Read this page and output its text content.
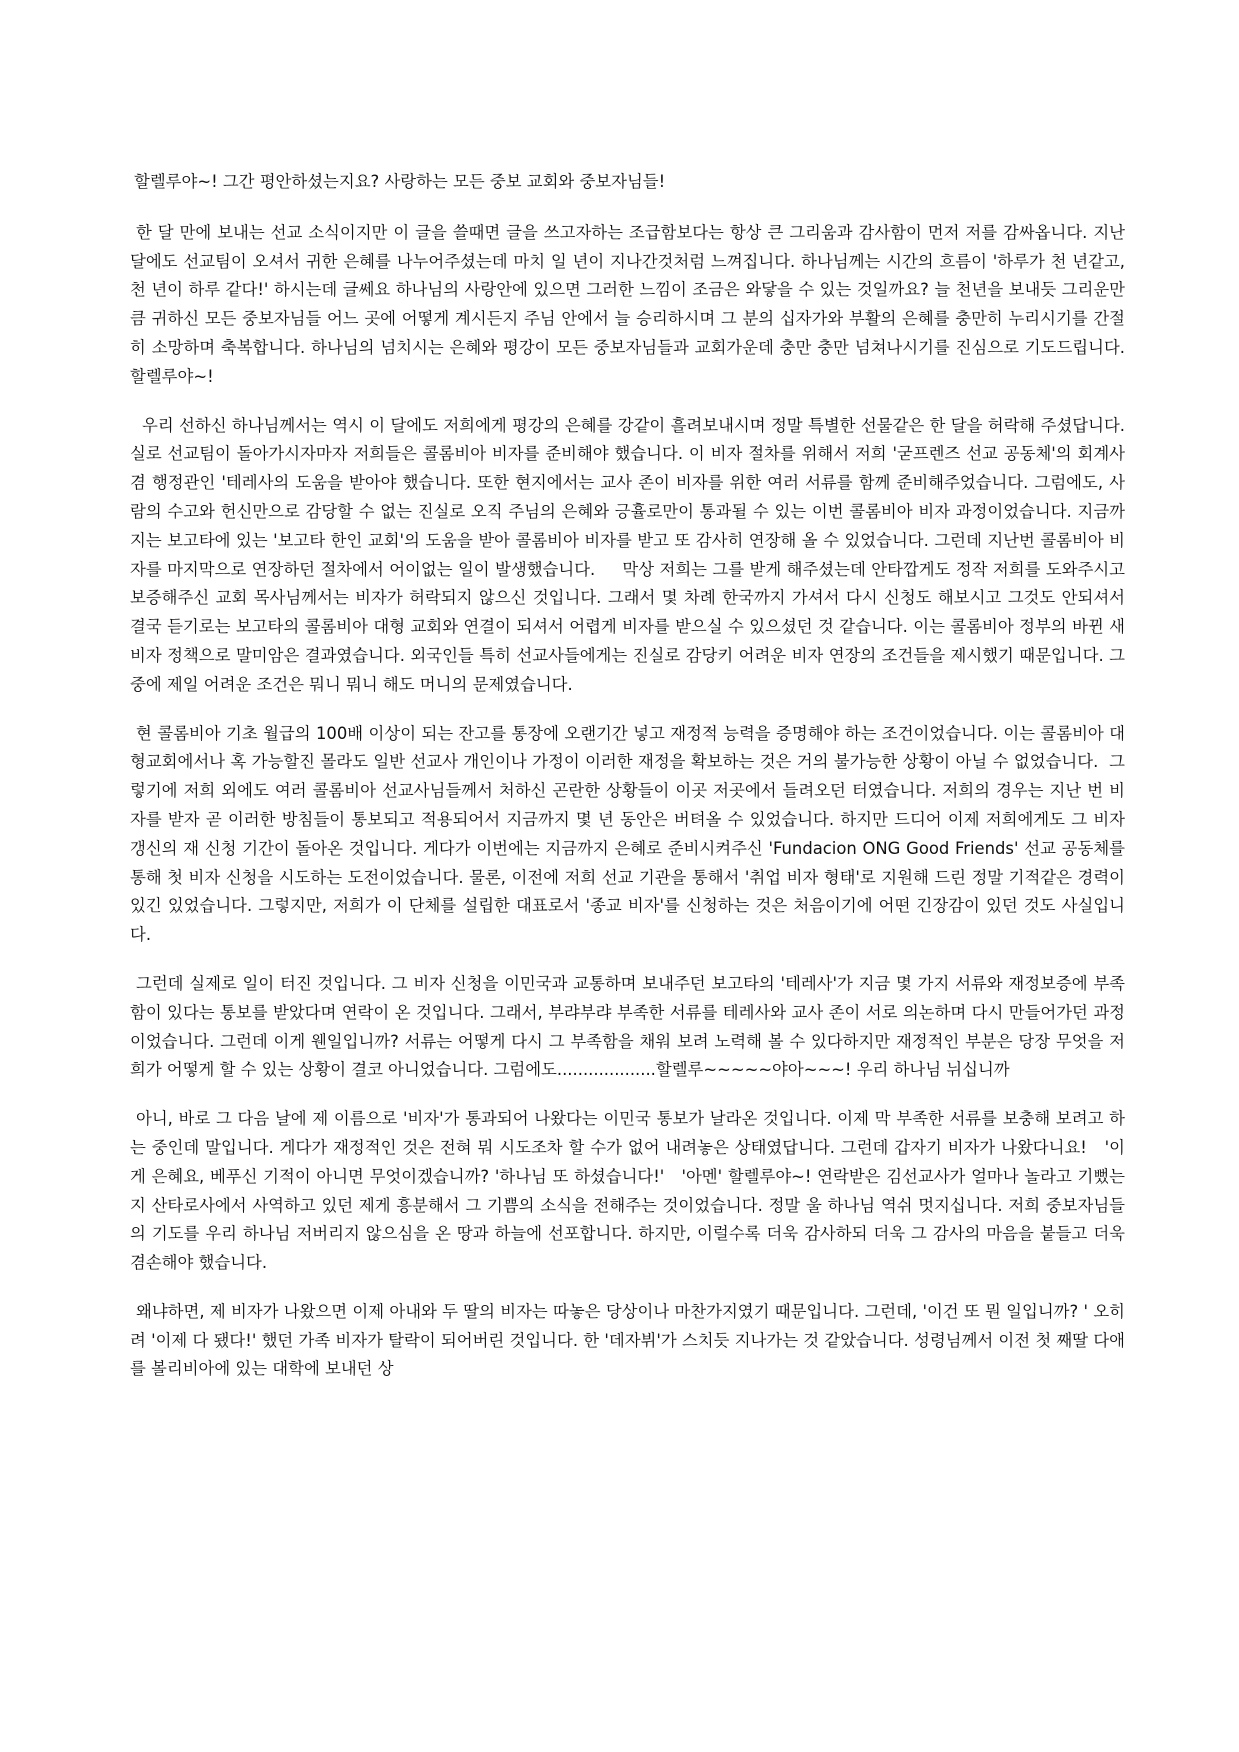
할렐루야~! 그간 평안하셨는지요? 사랑하는 모든 중보 교회와 중보자님들!

한 달 만에 보내는 선교 소식이지만 이 글을 쓸때면 글을 쓰고자하는 조급함보다는 항상 큰 그리움과 감사함이 먼저 저를 감싸옵니다. 지난 달에도 선교팀이 오셔서 귀한 은혜를 나누어주셨는데 마치 일 년이 지나간것처럼 느껴집니다. 하나님께는 시간의 흐름이 '하루가 천 년같고, 천 년이 하루 같다!' 하시는데 글쎄요 하나님의 사랑안에 있으면 그러한 느낌이 조금은 와닿을 수 있는 것일까요? 늘 천년을 보내듯 그리운만큼 귀하신 모든 중보자님들 어느 곳에 어떻게 계시든지 주님 안에서 늘 승리하시며 그 분의 십자가와 부활의 은혜를 충만히 누리시기를 간절히 소망하며 축복합니다. 하나님의 넘치시는 은혜와 평강이 모든 중보자님들과 교회가운데 충만 충만 넘쳐나시기를 진심으로 기도드립니다. 할렐루야~!

우리 선하신 하나님께서는 역시 이 달에도 저희에게 평강의 은혜를 강같이 흘려보내시며 정말 특별한 선물같은 한 달을 허락해 주셨답니다. 실로 선교팀이 돌아가시자마자 저희들은 콜롬비아 비자를 준비해야 했습니다. 이 비자 절차를 위해서 저희 '굳프렌즈 선교 공동체'의 회계사 겸 행정관인 '테레사의 도움을 받아야 했습니다. 또한 현지에서는 교사 존이 비자를 위한 여러 서류를 함께 준비해주었습니다. 그럼에도, 사람의 수고와 헌신만으로 감당할 수 없는 진실로 오직 주님의 은혜와 긍휼로만이 통과될 수 있는 이번 콜롬비아 비자 과정이었습니다. 지금까지는 보고타에 있는 '보고타 한인 교회'의 도움을 받아 콜롬비아 비자를 받고 또 감사히 연장해 올 수 있었습니다. 그런데 지난번 콜롬비아 비자를 마지막으로 연장하던 절차에서 어이없는 일이 발생했습니다.     막상 저희는 그를 받게 해주셨는데 안타깝게도 정작 저희를 도와주시고 보증해주신 교회 목사님께서는 비자가 허락되지 않으신 것입니다. 그래서 몇 차례 한국까지 가셔서 다시 신청도 해보시고 그것도 안되셔서 결국 듣기로는 보고타의 콜롬비아 대형 교회와 연결이 되셔서 어렵게 비자를 받으실 수 있으셨던 것 같습니다. 이는 콜롬비아 정부의 바뀐 새 비자 정책으로 말미암은 결과였습니다. 외국인들 특히 선교사들에게는 진실로 감당키 어려운 비자 연장의 조건들을 제시했기 때문입니다. 그 중에 제일 어려운 조건은 뭐니 뭐니 해도 머니의 문제였습니다.

현 콜롬비아 기초 월급의 100배 이상이 되는 잔고를 통장에 오랜기간 넣고 재정적 능력을 증명해야 하는 조건이었습니다. 이는 콜롬비아 대형교회에서나 혹 가능할진 몰라도 일반 선교사 개인이나 가정이 이러한 재정을 확보하는 것은 거의 불가능한 상황이 아닐 수 없었습니다.  그렇기에 저희 외에도 여러 콜롬비아 선교사님들께서 처하신 곤란한 상황들이 이곳 저곳에서 들려오던 터였습니다. 저희의 경우는 지난 번 비자를 받자 곧 이러한 방침들이 통보되고 적용되어서 지금까지 몇 년 동안은 버텨올 수 있었습니다. 하지만 드디어 이제 저희에게도 그 비자 갱신의 재 신청 기간이 돌아온 것입니다. 게다가 이번에는 지금까지 은혜로 준비시켜주신 'Fundacion ONG Good Friends' 선교 공동체를 통해 첫 비자 신청을 시도하는 도전이었습니다. 물론, 이전에 저희 선교 기관을 통해서 '취업 비자 형태'로 지원해 드린 정말 기적같은 경력이 있긴 있었습니다. 그렇지만, 저희가 이 단체를 설립한 대표로서 '종교 비자'를 신청하는 것은 처음이기에 어떤 긴장감이 있던 것도 사실입니다.

그런데 실제로 일이 터진 것입니다. 그 비자 신청을 이민국과 교통하며 보내주던 보고타의 '테레사'가 지금 몇 가지 서류와 재정보증에 부족함이 있다는 통보를 받았다며 연락이 온 것입니다. 그래서, 부랴부랴 부족한 서류를 테레사와 교사 존이 서로 의논하며 다시 만들어가던 과정이었습니다. 그런데 이게 웬일입니까? 서류는 어떻게 다시 그 부족함을 채워 보려 노력해 볼 수 있다하지만 재정적인 부분은 당장 무엇을 저희가 어떻게 할 수 있는 상황이 결코 아니었습니다. 그럼에도...................할렐루~~~~~야아~~~! 우리 하나님 뉘십니까

아니, 바로 그 다음 날에 제 이름으로 '비자'가 통과되어 나왔다는 이민국 통보가 날라온 것입니다. 이제 막 부족한 서류를 보충해 보려고 하는 중인데 말입니다. 게다가 재정적인 것은 전혀 뭐 시도조차 할 수가 없어 내려놓은 상태였답니다. 그런데 갑자기 비자가 나왔다니요!   '이게 은혜요, 베푸신 기적이 아니면 무엇이겠습니까? '하나님 또 하셨습니다!'   '아멘' 할렐루야~! 연락받은 김선교사가 얼마나 놀라고 기뻤는지 산타로사에서 사역하고 있던 제게 흥분해서 그 기쁨의 소식을 전해주는 것이었습니다. 정말 울 하나님 역쉬 멋지십니다. 저희 중보자님들의 기도를 우리 하나님 저버리지 않으심을 온 땅과 하늘에 선포합니다. 하지만, 이럴수록 더욱 감사하되 더욱 그 감사의 마음을 붙들고 더욱 겸손해야 했습니다.

왜냐하면, 제 비자가 나왔으면 이제 아내와 두 딸의 비자는 따놓은 당상이나 마찬가지였기 때문입니다. 그런데, '이건 또 뭔 일입니까? ' 오히려 '이제 다 됐다!' 했던 가족 비자가 탈락이 되어버린 것입니다. 한 '데자뷔'가 스치듯 지나가는 것 같았습니다. 성령님께서 이전 첫 째딸 다애를 볼리비아에 있는 대학에 보내던 상
